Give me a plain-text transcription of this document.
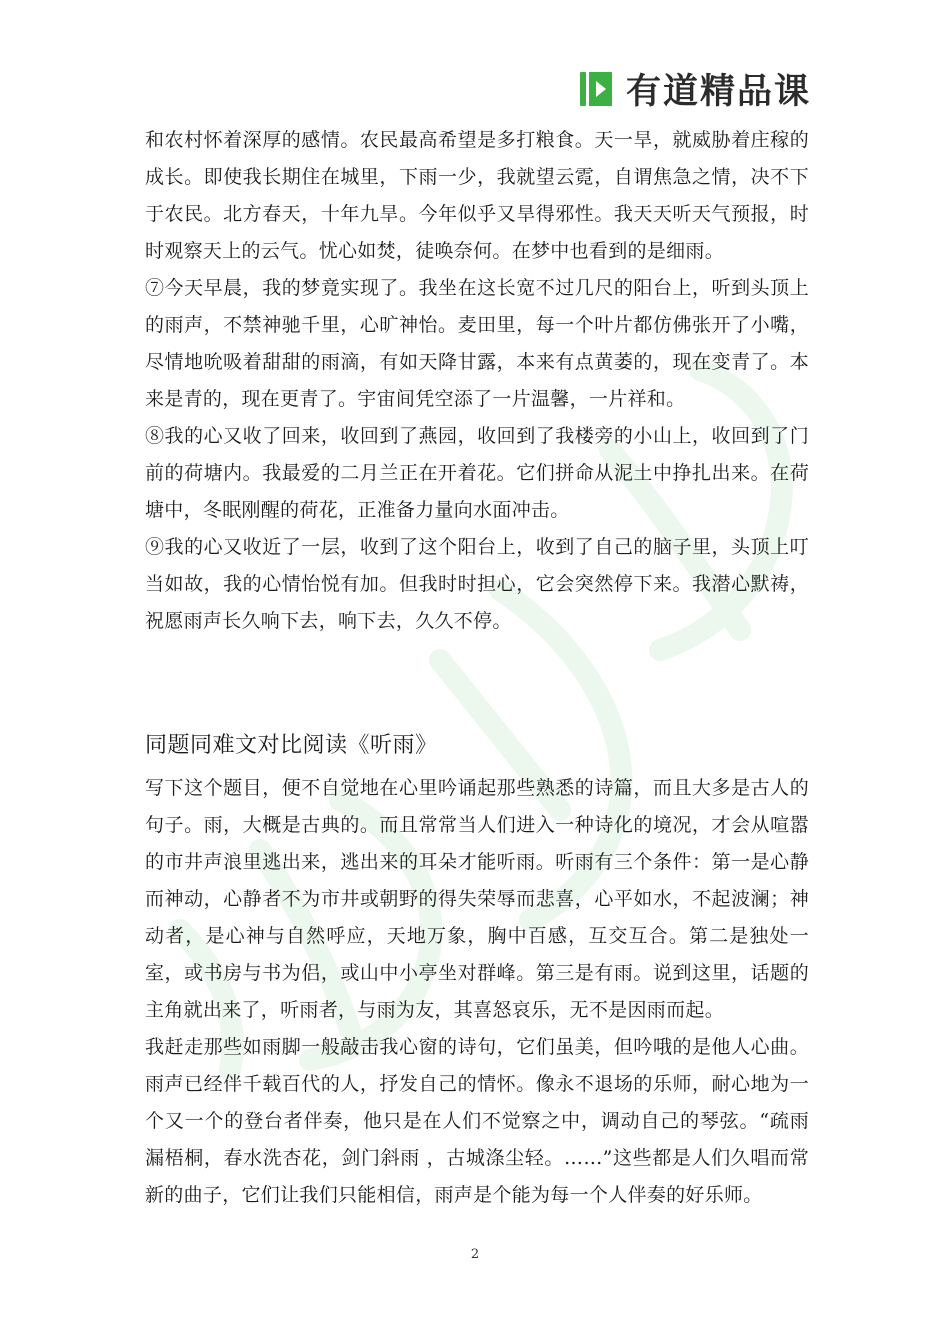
有道精品课

和农村怀着深厚的感情。农民最高希望是多打粮食。天一旱，就威胁着庄稼的成长。即使我长期住在城里，下雨一少，我就望云霓，自谓焦急之情，决不下于农民。北方春天，十年九旱。今年似乎又旱得邪性。我天天听天气预报，时时观察天上的云气。忧心如焚，徒唤奈何。在梦中也看到的是细雨。

⑦今天早晨，我的梦竟实现了。我坐在这长宽不过几尺的阳台上，听到头顶上的雨声，不禁神驰千里，心旷神怡。麦田里，每一个叶片都仿佛张开了小嘴，尽情地吮吸着甜甜的雨滴，有如天降甘露，本来有点黄萎的，现在变青了。本来是青的，现在更青了。宇宙间凭空添了一片温馨，一片祥和。

⑧我的心又收了回来，收回到了燕园，收回到了我楼旁的小山上，收回到了门前的荷塘内。我最爱的二月兰正在开着花。它们拼命从泥土中挣扎出来。在荷塘中，冬眠刚醒的荷花，正准备力量向水面冲击。

⑨我的心又收近了一层，收到了这个阳台上，收到了自己的脑子里，头顶上叮当如故，我的心情怡悦有加。但我时时担心，它会突然停下来。我潜心默祷，祝愿雨声长久响下去，响下去，久久不停。

同题同难文对比阅读《听雨》

写下这个题目，便不自觉地在心里吟诵起那些熟悉的诗篇，而且大多是古人的句子。雨，大概是古典的。而且常常当人们进入一种诗化的境况，才会从喧嚣的市井声浪里逃出来，逃出来的耳朵才能听雨。听雨有三个条件：第一是心静而神动，心静者不为市井或朝野的得失荣辱而悲喜，心平如水，不起波澜；神动者，是心神与自然呼应，天地万象，胸中百感，互交互合。第二是独处一室，或书房与书为侣，或山中小亭坐对群峰。第三是有雨。说到这里，话题的主角就出来了，听雨者，与雨为友，其喜怒哀乐，无不是因雨而起。

我赶走那些如雨脚一般敲击我心窗的诗句，它们虽美，但吟哦的是他人心曲。雨声已经伴千载百代的人，抒发自己的情怀。像永不退场的乐师，耐心地为一个又一个的登台者伴奏，他只是在人们不觉察之中，调动自己的琴弦。“疏雨漏梧桐，春水洗杏花，剑门斜雨 ，古城涤尘轻。……”这些都是人们久唱而常新的曲子，它们让我们只能相信，雨声是个能为每一个人伴奏的好乐师。

2
